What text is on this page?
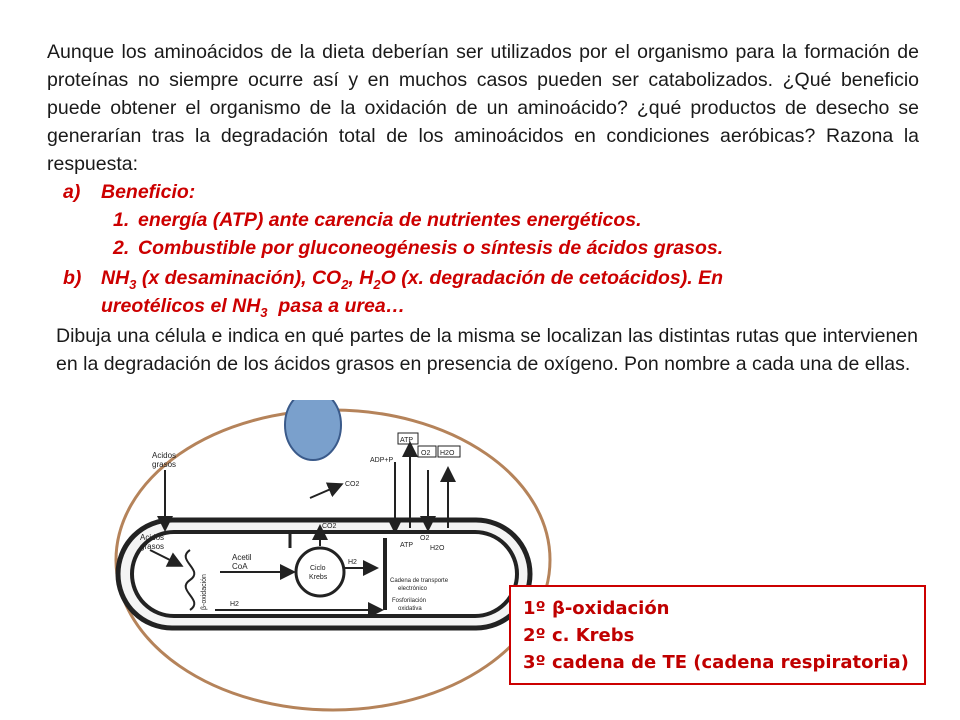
Aunque los aminoácidos de la dieta deberían ser utilizados por el organismo para la formación de proteínas no siempre ocurre así y en muchos casos pueden ser catabolizados. ¿Qué beneficio puede obtener el organismo de la oxidación de un aminoácido? ¿qué productos de desecho se generarían tras la degradación total de los aminoácidos en condiciones aeróbicas? Razona la respuesta:

a) Beneficio:
1. energía (ATP) ante carencia de nutrientes energéticos.
2. Combustible por gluconeogénesis o síntesis de ácidos grasos.
b) $NH_3$ (x desaminación), $CO_2$, $H_2O$ (x. degradación de cetoácidos). En
ureotélicos el $NH_3$  pasa a urea…

Dibuja una célula e indica en qué partes de la misma se localizan las distintas rutas que intervienen en la degradación de los ácidos grasos en presencia de oxígeno. Pon nombre a cada una de ellas.

Acidos
grasos
Acidos
grasos
β-oxidación
Acetil
CoA	Ciclo
Krebs
CO2
CO2
H2
H2
ATP
O2 H2O
ADP+P
ATP
O2
H2O
Cadena de transporte
electrónico
Fosforilación
oxidativa	1º β-oxidación
2º c. Krebs
3º cadena de TE (cadena respiratoria)
